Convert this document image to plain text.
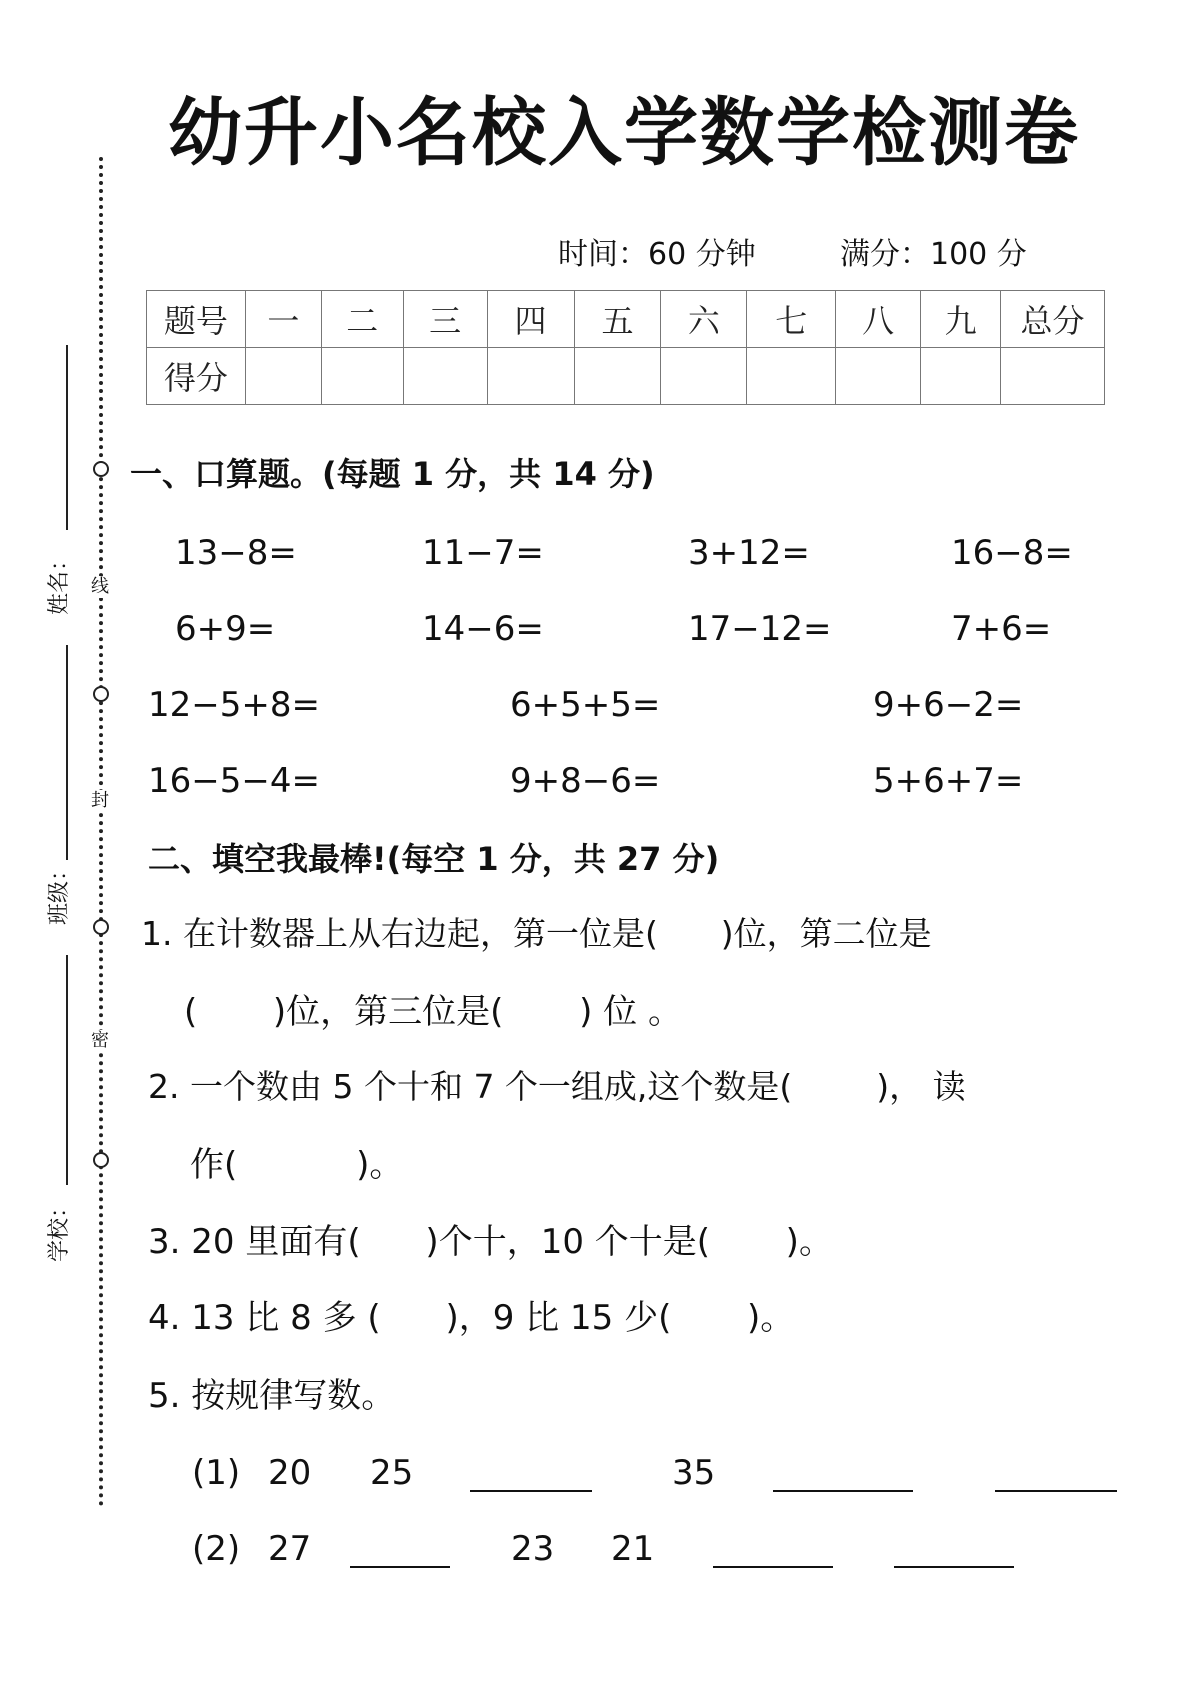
幼升小名校入学数学检测卷
时间：60 分钟	满分：100 分
题号	一	二	三	四	五	六	七	八	九	总分
得分										
线
封
密
姓名：
班级：
学校：
一、口算题。(每题 1 分，共 14 分)
13−8=	11−7=	3+12=	16−8=
6+9=	14−6=	17−12=	7+6=
12−5+8=	6+5+5=	9+6−2=
16−5−4=	9+8−6=	5+6+7=
二、填空我最棒!(每空 1 分，共 27 分)
1. 在计数器上从右边起，第一位是(      )位，第二位是
(       )位，第三位是(       ) 位 。
2. 一个数由 5 个十和 7 个一组成,这个数是(        )， 读
作(           )。
3. 20 里面有(      )个十，10 个十是(       )。
4. 13 比 8 多 (      )，9 比 15 少(       )。
5. 按规律写数。
(1) 20 25	35
(2) 27	23 21
